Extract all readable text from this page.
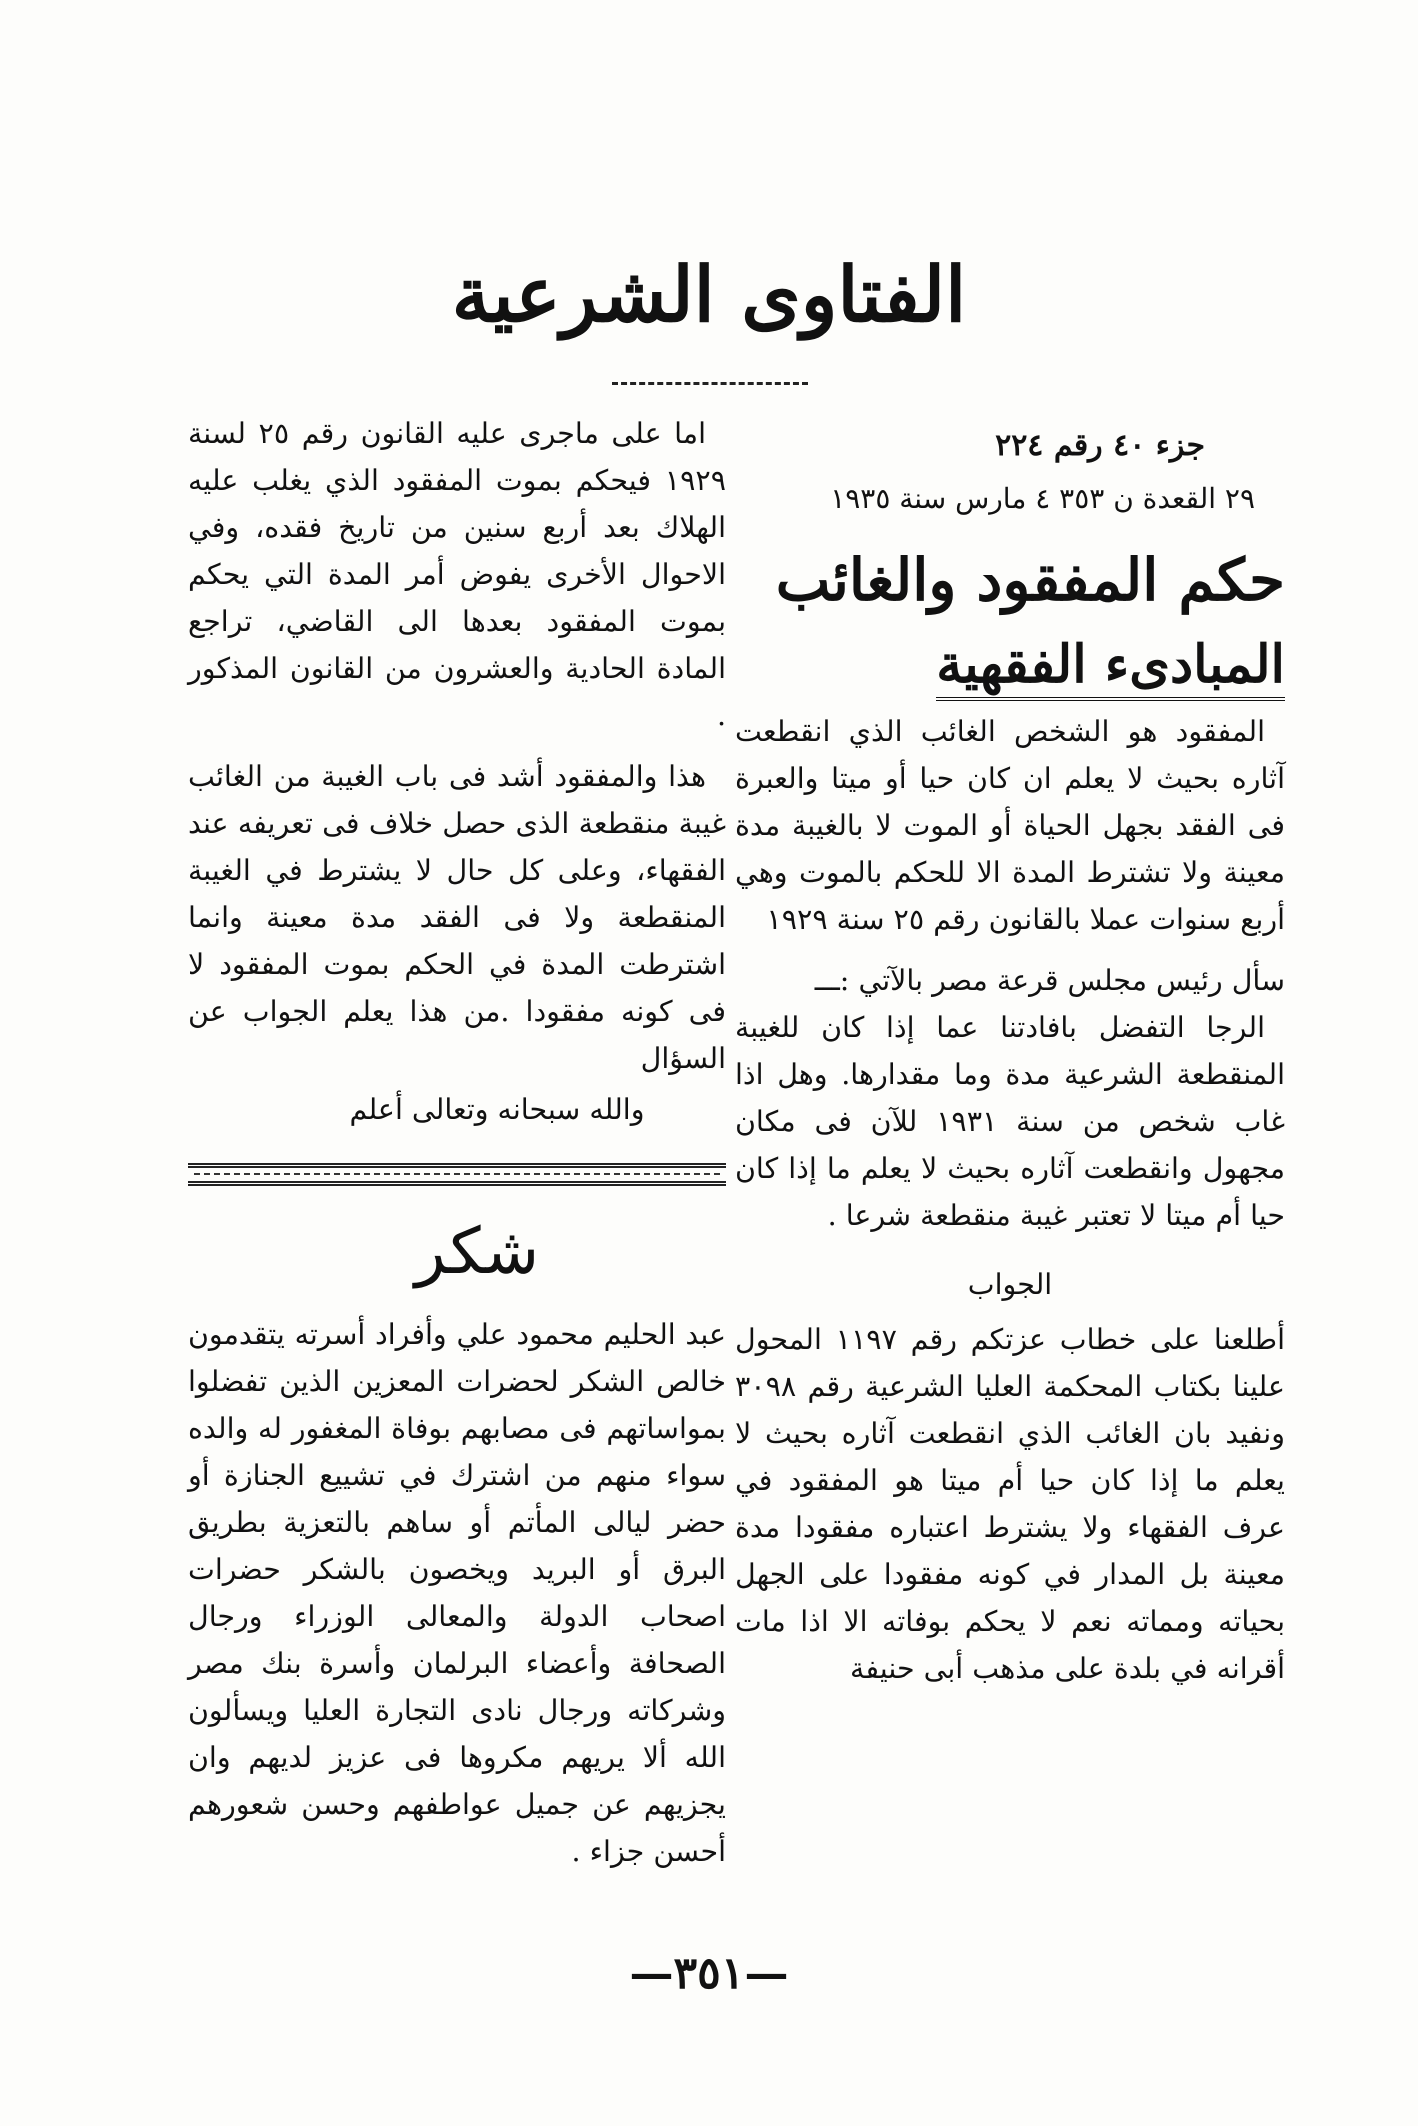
الفتاوى الشرعية

جزء ٤٠ رقم ٢٢٤

٢٩ القعدة ن ٣٥٣ ٤ مارس سنة ١٩٣٥

حكم المفقود والغائب

المبادىء الفقهية

المفقود هو الشخص الغائب الذي انقطعت آثاره بحيث لا يعلم ان كان حيا أو ميتا والعبرة فى الفقد بجهل الحياة أو الموت لا بالغيبة مدة معينة ولا تشترط المدة الا للحكم بالموت وهي أربع سنوات عملا بالقانون رقم ٢٥ سنة ١٩٢٩

سأل رئيس مجلس قرعة مصر بالآتي :ـــ

الرجا التفضل بافادتنا عما إذا كان للغيبة المنقطعة الشرعية مدة وما مقدارها. وهل اذا غاب شخص من سنة ١٩٣١ للآن فى مكان مجهول وانقطعت آثاره بحيث لا يعلم ما إذا كان حيا أم ميتا لا تعتبر غيبة منقطعة شرعا .

الجواب

أطلعنا على خطاب عزتكم رقم ١١٩٧ المحول علينا بكتاب المحكمة العليا الشرعية رقم ٣٠٩٨ ونفيد بان الغائب الذي انقطعت آثاره بحيث لا يعلم ما إذا كان حيا أم ميتا هو المفقود في عرف الفقهاء ولا يشترط اعتباره مفقودا مدة معينة بل المدار في كونه مفقودا على الجهل بحياته ومماته نعم لا يحكم بوفاته الا اذا مات أقرانه في بلدة على مذهب أبى حنيفة

اما على ماجرى عليه القانون رقم ٢٥ لسنة ١٩٢٩ فيحكم بموت المفقود الذي يغلب عليه الهلاك بعد أربع سنين من تاريخ فقده، وفي الاحوال الأخرى يفوض أمر المدة التي يحكم بموت المفقود بعدها الى القاضي، تراجع المادة الحادية والعشرون من القانون المذكور .

هذا والمفقود أشد فى باب الغيبة من الغائب غيبة منقطعة الذى حصل خلاف فى تعريفه عند الفقهاء، وعلى كل حال لا يشترط في الغيبة المنقطعة ولا فى الفقد مدة معينة وانما اشترطت المدة في الحكم بموت المفقود لا فى كونه مفقودا .من هذا يعلم الجواب عن السؤال

والله سبحانه وتعالى أعلم

شكر

عبد الحليم محمود علي وأفراد أسرته يتقدمون خالص الشكر لحضرات المعزين الذين تفضلوا بمواساتهم فى مصابهم بوفاة المغفور له والده سواء منهم من اشترك في تشييع الجنازة أو حضر ليالى المأتم أو ساهم بالتعزية بطريق البرق أو البريد ويخصون بالشكر حضرات اصحاب الدولة والمعالى الوزراء ورجال الصحافة وأعضاء البرلمان وأسرة بنك مصر وشركاته ورجال نادى التجارة العليا ويسألون الله ألا يريهم مكروها فى عزيز لديهم وان يجزيهم عن جميل عواطفهم وحسن شعورهم أحسن جزاء .

—٣٥١—
